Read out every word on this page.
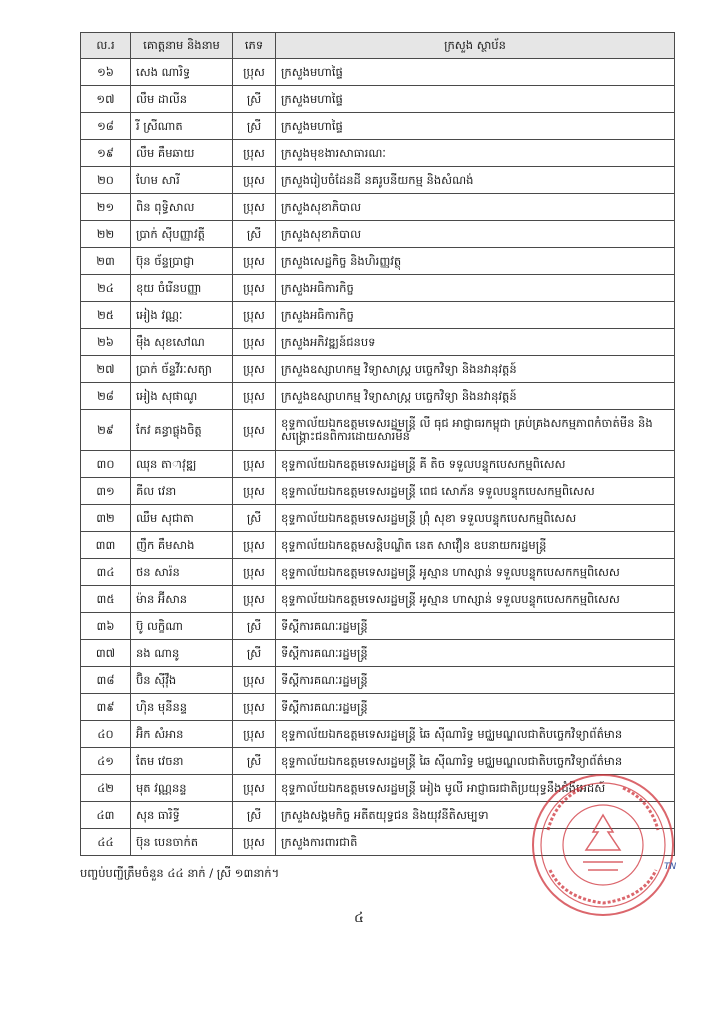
ល.រ	គោត្តនាម និងនាម	ភេទ	ក្រសួង ស្ថាប័ន
១៦	សេង ណារិទ្ធ	ប្រុស	ក្រសួងមហាផ្ទៃ
១៧	លឹម ដាលីន	ស្រី	ក្រសួងមហាផ្ទៃ
១៨	រី ស្រីណាត	ស្រី	ក្រសួងមហាផ្ទៃ
១៩	លឹម គឹមឆាយ	ប្រុស	ក្រសួងមុខងារសាធារណៈ
២០	ហែម សារី	ប្រុស	ក្រសួងរៀបចំដែនដី នគរូបនីយកម្ម និងសំណង់
២១	ពិន ពុទ្ធិសាល	ប្រុស	ក្រសួងសុខាភិបាល
២២	ប្រាក់ ស៊ីបញ្ញាវត្តី	ស្រី	ក្រសួងសុខាភិបាល
២៣	ប៊ុន ច័ន្ទប្រាជ្ញា	ប្រុស	ក្រសួងសេដ្ឋកិច្ច និងហិរញ្ញវត្ថុ
២៤	ខុយ ចំរើនបញ្ញា	ប្រុស	ក្រសួងអធិការកិច្ច
២៥	អៀង វណ្ណៈ	ប្រុស	ក្រសួងអធិការកិច្ច
២៦	ម៉ឹង សុខសៅណ	ប្រុស	ក្រសួងអភិវឌ្ឍន៍ជនបទ
២៧	ប្រាក់ ច័ន្ទវីរៈសត្យា	ប្រុស	ក្រសួងឧស្សាហកម្ម វិទ្យាសាស្ត្រ បច្ចេកវិទ្យា និងនវានុវត្តន៍
២៨	អៀង សុផាណូ	ប្រុស	ក្រសួងឧស្សាហកម្ម វិទ្យាសាស្ត្រ បច្ចេកវិទ្យា និងនវានុវត្តន៍
២៩	កែវ គន្ធាផ្លុងចិត្ត	ប្រុស	ខុទ្ទកាល័យឯកឧត្តមទេសរដ្ឋមន្ត្រី លី ធុជ អាជ្ញាធរកម្ពុជា គ្រប់គ្រងសកម្មភាពកំចាត់មីន និងសង្គ្រោះជនពិការដោយសារមីន
៣០	ឈុន តាាវុឌ្ឍ	ប្រុស	ខុទ្ទកាល័យឯកឧត្តមទេសរដ្ឋមន្ត្រី គី តិច ទទួលបន្ទុកបេសកម្មពិសេស
៣១	គីល វេនា	ប្រុស	ខុទ្ទកាល័យឯកឧត្តមទេសរដ្ឋមន្ត្រី ពេជ សោភ័ន ទទួលបន្ទុកបេសកម្មពិសេស
៣២	ឈឹម សុជាតា	ស្រី	ខុទ្ទកាល័យឯកឧត្តមទេសរដ្ឋមន្ត្រី ព្រុំ សុខា ទទួលបន្ទុកបេសកម្មពិសេស
៣៣	ញឹក គឹមសាង	ប្រុស	ខុទ្ទកាល័យឯកឧត្តមសន្តិបណ្ឌិត នេត សាវឿន ឧបនាយករដ្ឋមន្ត្រី
៣៤	ថន សារ៉ន	ប្រុស	ខុទ្ទកាល័យឯកឧត្តមទេសរដ្ឋមន្ត្រី អូស្មាន ហាស្សាន់ ទទួលបន្ទុកបេសកកម្មពិសេស
៣៥	ម៉ាន អ៊ីសាន	ប្រុស	ខុទ្ទកាល័យឯកឧត្តមទេសរដ្ឋមន្ត្រី អូស្មាន ហាស្សាន់ ទទួលបន្ទុកបេសកកម្មពិសេស
៣៦	ប៊ូ លក្ខិណា	ស្រី	ទីស្តីការគណៈរដ្ឋមន្ត្រី
៣៧	នង ណានូ	ស្រី	ទីស្តីការគណៈរដ្ឋមន្ត្រី
៣៨	ប៊ិន ស៊ីវ៉ឹង	ប្រុស	ទីស្តីការគណៈរដ្ឋមន្ត្រី
៣៩	ហ៊ិន មុនីនន្ទ	ប្រុស	ទីស្តីការគណៈរដ្ឋមន្ត្រី
៤០	អ៊ិក សំអាន	ប្រុស	ខុទ្ទកាល័យឯកឧត្តមទេសរដ្ឋមន្ត្រី ឆៃ ស៊ីណារិទ្ធ មជ្ឈមណ្ឌលជាតិបច្ចេកវិទ្យាព័ត៌មាន
៤១	តែម វេចនា	ស្រី	ខុទ្ទកាល័យឯកឧត្តមទេសរដ្ឋមន្ត្រី ឆៃ ស៊ីណារិទ្ធ មជ្ឈមណ្ឌលជាតិបច្ចេកវិទ្យាព័ត៌មាន
៤២	មុត វណ្ណនន្ទ	ប្រុស	ខុទ្ទកាល័យឯកឧត្តមទេសរដ្ឋមន្ត្រី អៀង មូលី អាជ្ញាធរជាតិប្រយុទ្ធនឹងជំងឺអេដស៍
៤៣	សុន ធារិទ្ធី	ស្រី	ក្រសួងសង្គមកិច្ច អតីតយុទ្ធជន និងយុវនីតិសម្បទា
៤៤	ប៊ុន បេនចាក់ត	ប្រុស	ក្រសួងការពារជាតិ
បញ្ចប់បញ្ជីត្រឹមចំនួន ៤៤ នាក់ / ស្រី ១៣នាក់។	TN
៤
